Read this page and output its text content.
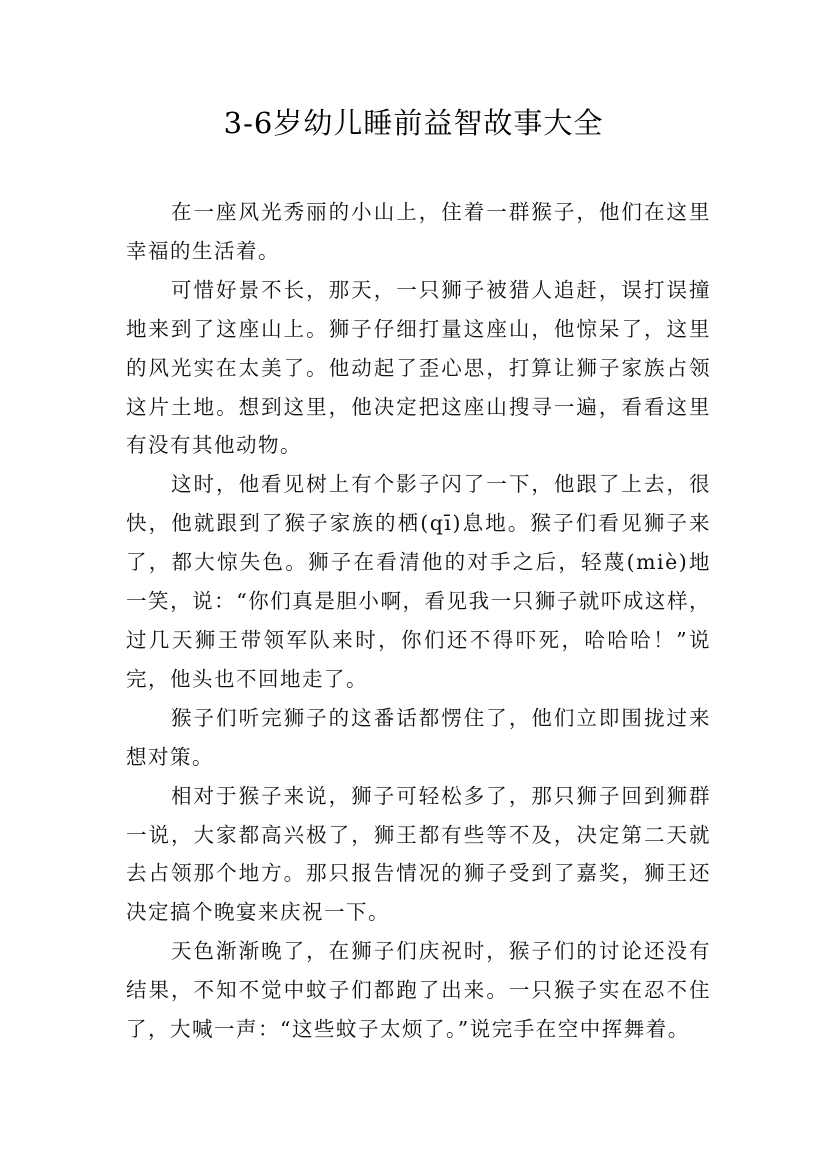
3-6岁幼儿睡前益智故事大全

在一座风光秀丽的小山上，住着一群猴子，他们在这里幸福的生活着。

可惜好景不长，那天，一只狮子被猎人追赶，误打误撞地来到了这座山上。狮子仔细打量这座山，他惊呆了，这里的风光实在太美了。他动起了歪心思，打算让狮子家族占领这片土地。想到这里，他决定把这座山搜寻一遍，看看这里有没有其他动物。

这时，他看见树上有个影子闪了一下，他跟了上去，很快，他就跟到了猴子家族的栖(qī)息地。猴子们看见狮子来了，都大惊失色。狮子在看清他的对手之后，轻蔑(miè)地一笑，说：“你们真是胆小啊，看见我一只狮子就吓成这样，过几天狮王带领军队来时，你们还不得吓死，哈哈哈！”说完，他头也不回地走了。

猴子们听完狮子的这番话都愣住了，他们立即围拢过来想对策。

相对于猴子来说，狮子可轻松多了，那只狮子回到狮群一说，大家都高兴极了，狮王都有些等不及，决定第二天就去占领那个地方。那只报告情况的狮子受到了嘉奖，狮王还决定搞个晚宴来庆祝一下。

天色渐渐晚了，在狮子们庆祝时，猴子们的讨论还没有结果，不知不觉中蚊子们都跑了出来。一只猴子实在忍不住了，大喊一声：“这些蚊子太烦了。”说完手在空中挥舞着。
